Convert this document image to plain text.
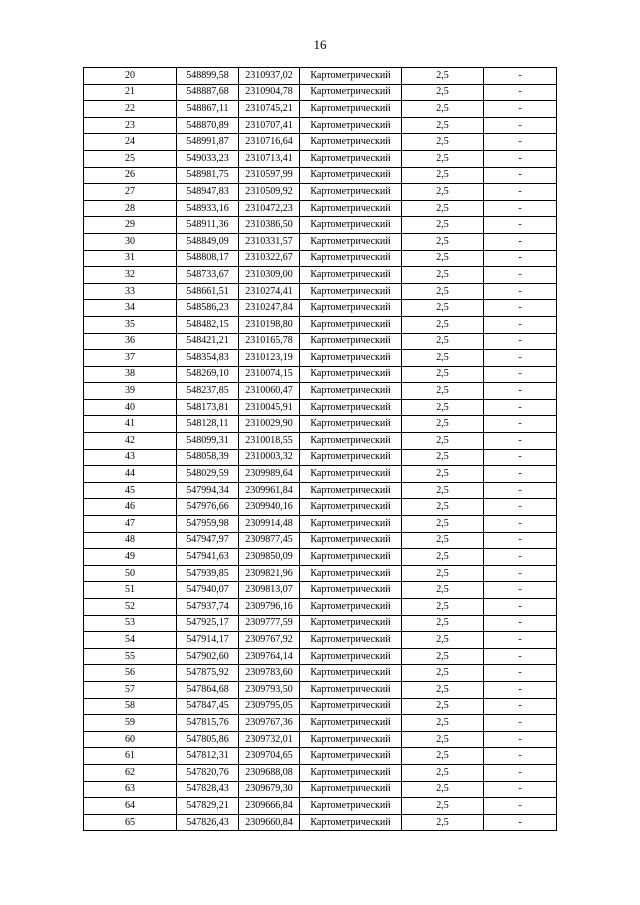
16
20	548899,58	2310937,02	Картометрический	2,5	-
21	548887,68	2310904,78	Картометрический	2,5	-
22	548867,11	2310745,21	Картометрический	2,5	-
23	548870,89	2310707,41	Картометрический	2,5	-
24	548991,87	2310716,64	Картометрический	2,5	-
25	549033,23	2310713,41	Картометрический	2,5	-
26	548981,75	2310597,99	Картометрический	2,5	-
27	548947,83	2310509,92	Картометрический	2,5	-
28	548933,16	2310472,23	Картометрический	2,5	-
29	548911,36	2310386,50	Картометрический	2,5	-
30	548849,09	2310331,57	Картометрический	2,5	-
31	548808,17	2310322,67	Картометрический	2,5	-
32	548733,67	2310309,00	Картометрический	2,5	-
33	548661,51	2310274,41	Картометрический	2,5	-
34	548586,23	2310247,84	Картометрический	2,5	-
35	548482,15	2310198,80	Картометрический	2,5	-
36	548421,21	2310165,78	Картометрический	2,5	-
37	548354,83	2310123,19	Картометрический	2,5	-
38	548269,10	2310074,15	Картометрический	2,5	-
39	548237,85	2310060,47	Картометрический	2,5	-
40	548173,81	2310045,91	Картометрический	2,5	-
41	548128,11	2310029,90	Картометрический	2,5	-
42	548099,31	2310018,55	Картометрический	2,5	-
43	548058,39	2310003,32	Картометрический	2,5	-
44	548029,59	2309989,64	Картометрический	2,5	-
45	547994,34	2309961,84	Картометрический	2,5	-
46	547976,66	2309940,16	Картометрический	2,5	-
47	547959,98	2309914,48	Картометрический	2,5	-
48	547947,97	2309877,45	Картометрический	2,5	-
49	547941,63	2309850,09	Картометрический	2,5	-
50	547939,85	2309821,96	Картометрический	2,5	-
51	547940,07	2309813,07	Картометрический	2,5	-
52	547937,74	2309796,16	Картометрический	2,5	-
53	547925,17	2309777,59	Картометрический	2,5	-
54	547914,17	2309767,92	Картометрический	2,5	-
55	547902,60	2309764,14	Картометрический	2,5	-
56	547875,92	2309783,60	Картометрический	2,5	-
57	547864,68	2309793,50	Картометрический	2,5	-
58	547847,45	2309795,05	Картометрический	2,5	-
59	547815,76	2309767,36	Картометрический	2,5	-
60	547805,86	2309732,01	Картометрический	2,5	-
61	547812,31	2309704,65	Картометрический	2,5	-
62	547820,76	2309688,08	Картометрический	2,5	-
63	547828,43	2309679,30	Картометрический	2,5	-
64	547829,21	2309666,84	Картометрический	2,5	-
65	547826,43	2309660,84	Картометрический	2,5	-
